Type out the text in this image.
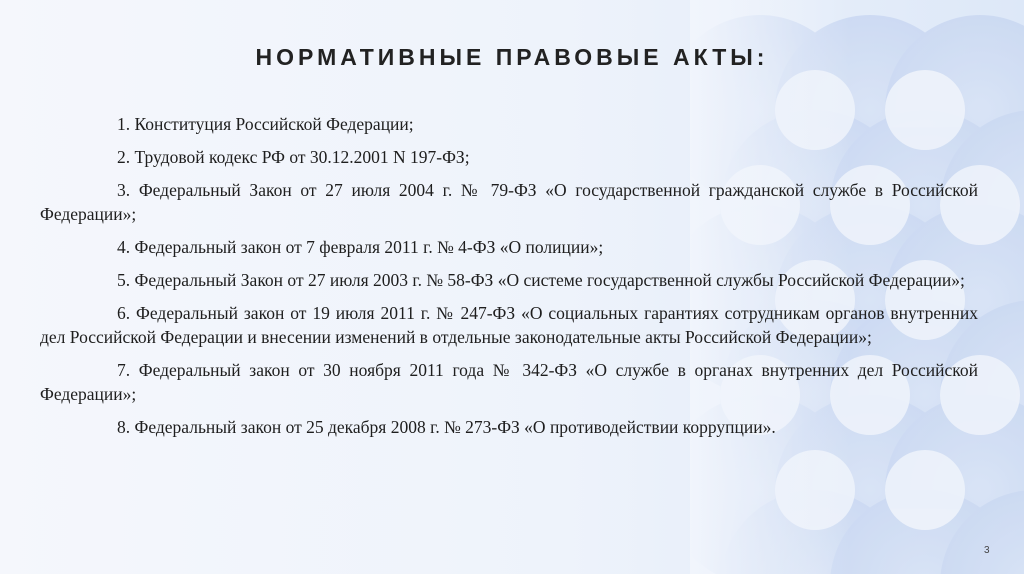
НОРМАТИВНЫЕ ПРАВОВЫЕ АКТЫ:

1. Конституция Российской Федерации;

2. Трудовой кодекс РФ от 30.12.2001 N 197-ФЗ;

3. Федеральный Закон от 27 июля 2004 г. № 79-ФЗ «О государственной гражданской службе в Российской Федерации»;

4. Федеральный закон от 7 февраля 2011 г. № 4-ФЗ «О полиции»;

5. Федеральный Закон от 27 июля 2003 г. № 58-ФЗ «О системе государственной службы Российской Федерации»;

6. Федеральный закон от 19 июля 2011 г. № 247-ФЗ «О социальных гарантиях сотрудникам органов внутренних дел Российской Федерации и внесении изменений в отдельные законодательные акты Российской Федерации»;

7. Федеральный закон от 30 ноября 2011 года № 342-ФЗ «О службе в органах внутренних дел Российской Федерации»;

8. Федеральный закон от 25 декабря 2008 г. № 273-ФЗ «О противодействии коррупции».

3
